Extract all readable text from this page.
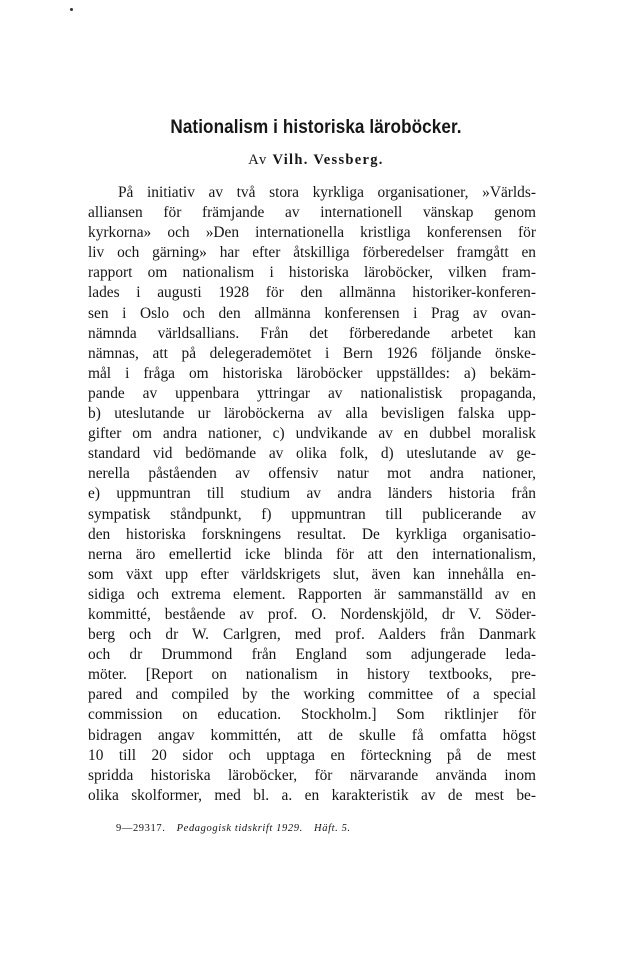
Nationalism i historiska läroböcker.
Av Vilh. Vessberg.
På initiativ av två stora kyrkliga organisationer, »Världs-
alliansen för främjande av internationell vänskap genom
kyrkorna» och »Den internationella kristliga konferensen för
liv och gärning» har efter åtskilliga förberedelser framgått en
rapport om nationalism i historiska läroböcker, vilken fram-
lades i augusti 1928 för den allmänna historiker-konferen-
sen i Oslo och den allmänna konferensen i Prag av ovan-
nämnda världsallians. Från det förberedande arbetet kan
nämnas, att på delegerademötet i Bern 1926 följande önske-
mål i fråga om historiska läroböcker uppställdes: a) bekäm-
pande av uppenbara yttringar av nationalistisk propaganda,
b) uteslutande ur läroböckerna av alla bevisligen falska upp-
gifter om andra nationer, c) undvikande av en dubbel moralisk
standard vid bedömande av olika folk, d) uteslutande av ge-
nerella påståenden av offensiv natur mot andra nationer,
e) uppmuntran till studium av andra länders historia från
sympatisk ståndpunkt, f) uppmuntran till publicerande av
den historiska forskningens resultat. De kyrkliga organisatio-
nerna äro emellertid icke blinda för att den internationalism,
som växt upp efter världskrigets slut, även kan innehålla en-
sidiga och extrema element. Rapporten är sammanställd av en
kommitté, bestående av prof. O. Nordenskjöld, dr V. Söder-
berg och dr W. Carlgren, med prof. Aalders från Danmark
och dr Drummond från England som adjungerade leda-
möter. [Report on nationalism in history textbooks, pre-
pared and compiled by the working committee of a special
commission on education. Stockholm.] Som riktlinjer för
bidragen angav kommittén, att de skulle få omfatta högst
10 till 20 sidor och upptaga en förteckning på de mest
spridda historiska läroböcker, för närvarande använda inom
olika skolformer, med bl. a. en karakteristik av de mest be-
9—29317. Pedagogisk tidskrift 1929. Häft. 5.
